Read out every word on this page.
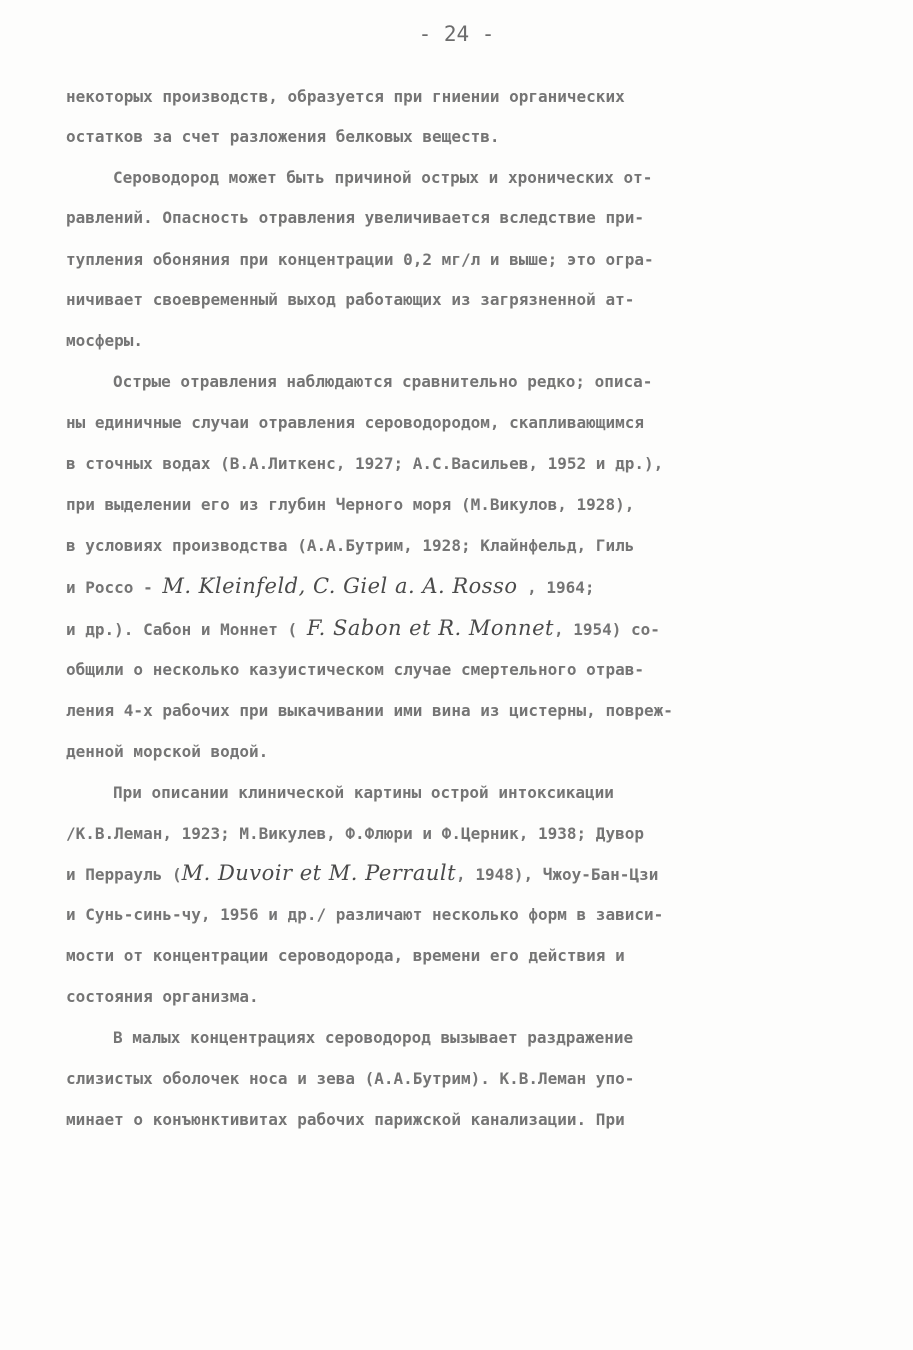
- 24 -
некоторых производств, образуется при гниении органических
остатков за счет разложения белковых веществ.
Сероводород может быть причиной острых и хронических от-
равлений. Опасность отравления увеличивается вследствие при-
тупления обоняния при концентрации 0,2 мг/л и выше; это огра-
ничивает своевременный выход работающих из загрязненной ат-
мосферы.
Острые отравления наблюдаются сравнительно редко; описа-
ны единичные случаи отравления сероводородом, скапливающимся
в сточных водах (В.А.Литкенс, 1927; А.С.Васильев, 1952 и др.),
при выделении его из глубин Черного моря (М.Викулов, 1928),
в условиях производства (А.А.Бутрим, 1928; Клайнфельд, Гиль
и Россо - M. Kleinfeld, C. Giel a. A. Rosso , 1964;
и др.). Сабон и Моннет ( F. Sabon et R. Monnet, 1954) со-
общили о несколько казуистическом случае смертельного отрав-
ления 4-х рабочих при выкачивании ими вина из цистерны, повреж-
денной морской водой.
При описании клинической картины острой интоксикации
/К.В.Леман, 1923; М.Викулев, Ф.Флюри и Ф.Церник, 1938; Дувор
и Перрауль (M. Duvoir et M. Perrault, 1948), Чжоу-Бан-Цзи
и Сунь-синь-чу, 1956 и др./ различают несколько форм в зависи-
мости от концентрации сероводорода, времени его действия и
состояния организма.
В малых концентрациях сероводород вызывает раздражение
слизистых оболочек носа и зева (А.А.Бутрим). К.В.Леман упо-
минает о конъюнктивитах рабочих парижской канализации. При
